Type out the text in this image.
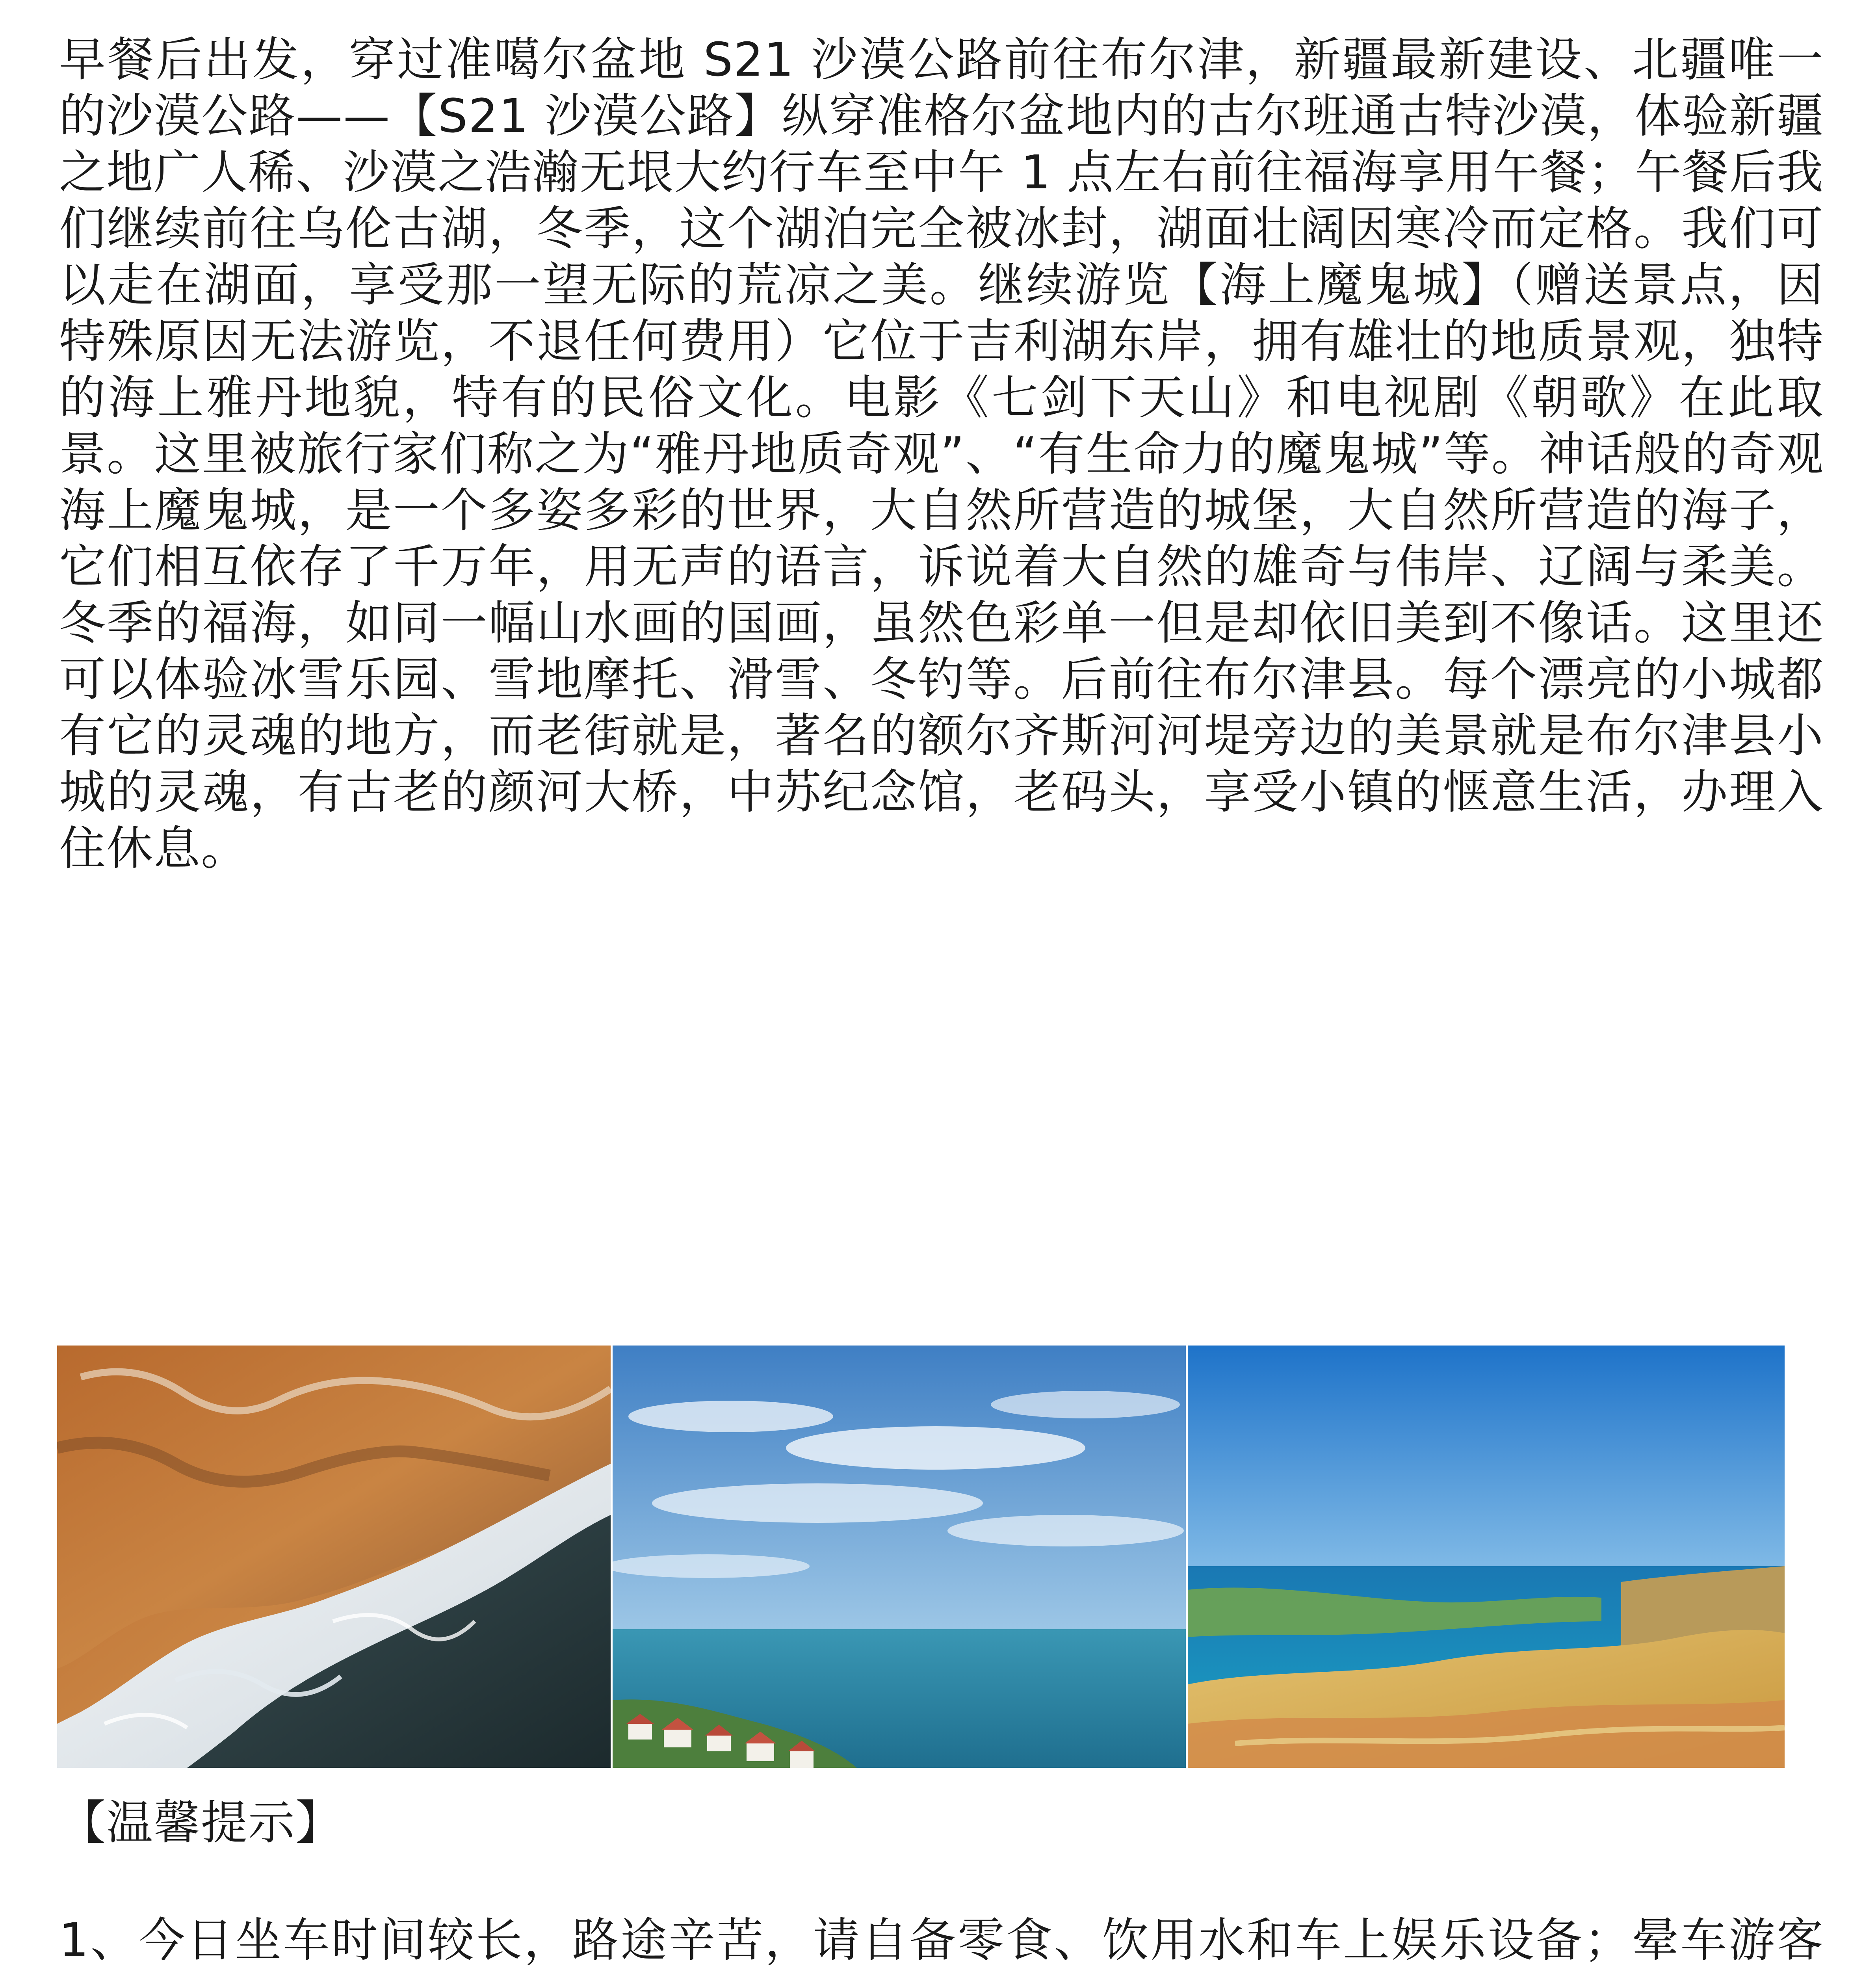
早餐后出发，穿过准噶尔盆地 S21 沙漠公路前往布尔津，新疆最新建设、北疆唯一的沙漠公路——【S21 沙漠公路】纵穿准格尔盆地内的古尔班通古特沙漠，体验新疆之地广人稀、沙漠之浩瀚无垠大约行车至中午 1 点左右前往福海享用午餐；午餐后我们继续前往乌伦古湖，冬季，这个湖泊完全被冰封，湖面壮阔因寒冷而定格。我们可以走在湖面，享受那一望无际的荒凉之美。继续游览【海上魔鬼城】（赠送景点，因特殊原因无法游览，不退任何费用）它位于吉利湖东岸，拥有雄壮的地质景观，独特的海上雅丹地貌，特有的民俗文化。电影《七剑下天山》和电视剧《朝歌》在此取景。这里被旅行家们称之为“雅丹地质奇观”、“有生命力的魔鬼城”等。神话般的奇观海上魔鬼城，是一个多姿多彩的世界，大自然所营造的城堡，大自然所营造的海子，它们相互依存了千万年，用无声的语言，诉说着大自然的雄奇与伟岸、辽阔与柔美。冬季的福海，如同一幅山水画的国画，虽然色彩单一但是却依旧美到不像话。这里还可以体验冰雪乐园、雪地摩托、滑雪、冬钓等。后前往布尔津县。每个漂亮的小城都有它的灵魂的地方，而老街就是，著名的额尔齐斯河河堤旁边的美景就是布尔津县小城的灵魂，有古老的颜河大桥，中苏纪念馆，老码头，享受小镇的惬意生活，办理入住休息。

【温馨提示】
1、今日坐车时间较长，路途辛苦，请自备零食、饮用水和车上娱乐设备；晕车游客
